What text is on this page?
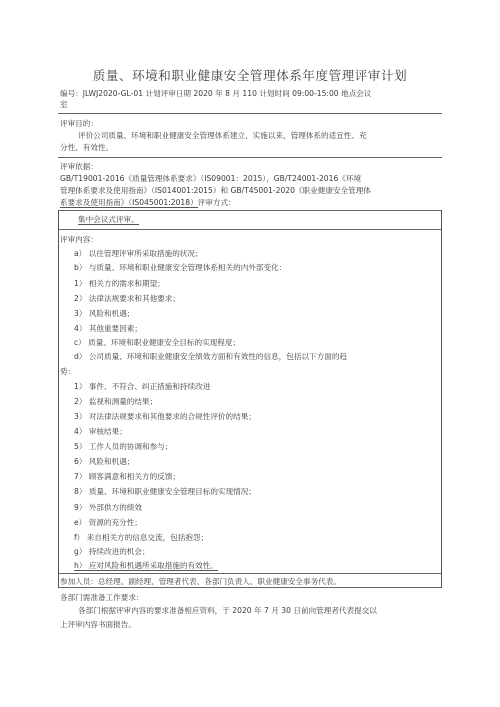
质量、环境和职业健康安全管理体系年度管理评审计划
编号：JLWJ2020-GL-01 计划评审日期 2020 年 8 月 110 计划时间 09:00-15:00 地点会议
室
评审目的：
评价公司质量、环境和职业健康安全管理体系建立、实施以来，管理体系的适宜性、充
分性、有效性。
评审依据：
GB/T19001-2016《质量管理体系要求》（IS09001：2015），GB/T24001-2016《环境
管理体系要求及使用指南》（IS014001:2015）和 GB/T45001-2020《职业健康安全管理体
系要求及使用指南》（IS045001:2018）评审方式：
集中会议式评审。
评审内容：
a） 以往管理评审所采取措施的状况；
b） 与质量、环境和职业健康安全管理体系相关的内外部变化：
1） 相关方的需求和期望；
2） 法律法规要求和其他要求；
3） 风险和机遇；
4） 其他重要因素；
c） 质量、环境和职业健康安全目标的实现程度；
d） 公司质量、环境和职业健康安全绩效方面和有效性的信息，包括以下方面的趋
势：
1） 事件、不符合、纠正措施和持续改进
2） 监视和测量的结果；
3） 对法律法规要求和其他要求的合规性评价的结果；
4） 审核结果；
5） 工作人员的协调和参与；
6） 风险和机遇；
7） 顾客满意和相关方的反馈；
8） 质量、环境和职业健康安全管理目标的实现情况；
9） 外部供方的绩效
e） 资源的充分性；
f） 来自相关方的信息交流，包括抱怨；
g） 持续改进的机会；
h） 应对风险和机遇所采取措施的有效性。
参加人员：总经理、副经理、管理者代表、各部门负责人、职业健康安全事务代表。
各部门需准备工作要求：
各部门根据评审内容的要求准备相应资料，于 2020 年 7 月 30 日前向管理者代表提交以
上评审内容书面报告。
